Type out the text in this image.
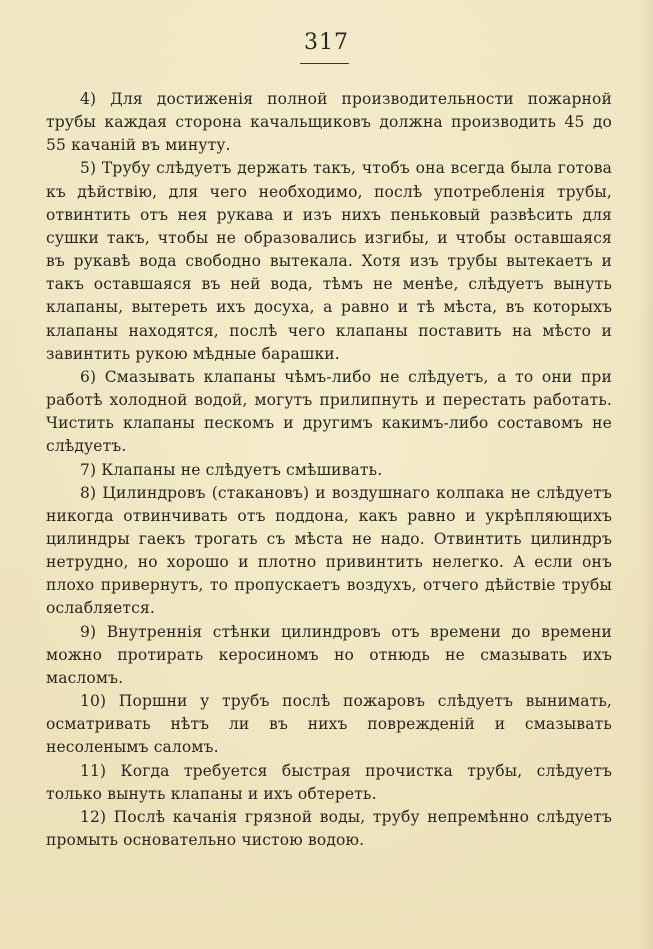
317

4) Для достиженія полной производительности пожарной трубы каждая сторона качальщиковъ должна производить 45 до 55 качаній въ минуту.

5) Трубу слѣдуетъ держать такъ, чтобъ она всегда была готова къ дѣйствію, для чего необходимо, послѣ употребленія трубы, отвинтить отъ нея рукава и изъ нихъ пеньковый развѣсить для сушки такъ, чтобы не образовались изгибы, и чтобы оставшаяся въ рукавѣ вода свободно вытекала. Хотя изъ трубы вытекаетъ и такъ оставшаяся въ ней вода, тѣмъ не менѣе, слѣдуетъ вынуть клапаны, вытереть ихъ досуха, а равно и тѣ мѣста, въ которыхъ клапаны находятся, послѣ чего клапаны поставить на мѣсто и завинтить рукою мѣдные барашки.

6) Смазывать клапаны чѣмъ-либо не слѣдуетъ, а то они при работѣ холодной водой, могутъ прилипнуть и перестать работать. Чистить клапаны пескомъ и другимъ какимъ-либо составомъ не слѣдуетъ.

7) Клапаны не слѣдуетъ смѣшивать.

8) Цилиндровъ (стакановъ) и воздушнаго колпака не слѣдуетъ никогда отвинчивать отъ поддона, какъ равно и укрѣпляющихъ цилиндры гаекъ трогать съ мѣста не надо. Отвинтить цилиндръ нетрудно, но хорошо и плотно привинтить нелегко. А если онъ плохо привернутъ, то пропускаетъ воздухъ, отчего дѣйствіе трубы ослабляется.

9) Внутреннія стѣнки цилиндровъ отъ времени до времени можно протирать керосиномъ но отнюдь не смазывать ихъ масломъ.

10) Поршни у трубъ послѣ пожаровъ слѣдуетъ вынимать, осматривать нѣтъ ли въ нихъ поврежденій и смазывать несоленымъ саломъ.

11) Когда требуется быстрая прочистка трубы, слѣдуетъ только вынуть клапаны и ихъ обтереть.

12) Послѣ качанія грязной воды, трубу непремѣнно слѣдуетъ промыть основательно чистою водою.
